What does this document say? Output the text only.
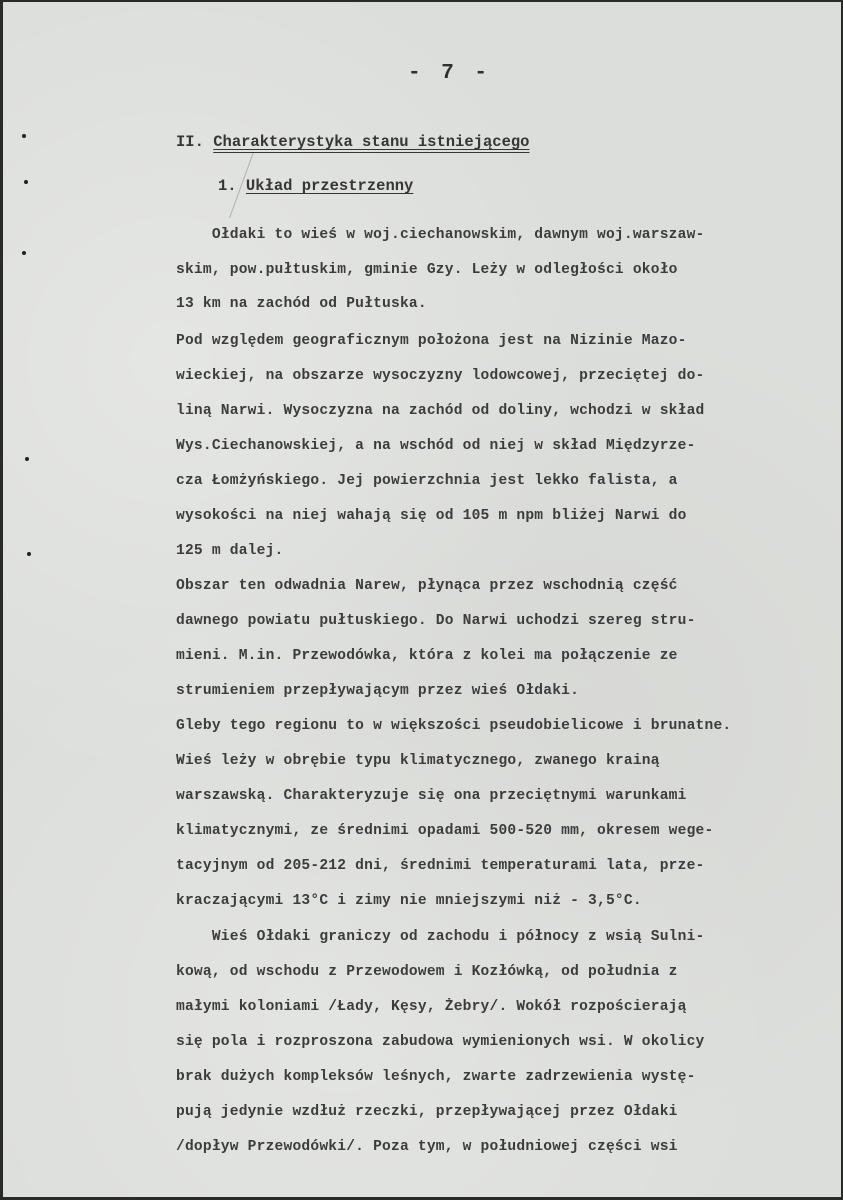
- 7 -
II. Charakterystyka stanu istniejącego
1. Układ przestrzenny
Ołdaki to wieś w woj.ciechanowskim, dawnym woj.warszaw-
skim, pow.pułtuskim, gminie Gzy. Leży w odległości około
13 km na zachód od Pułtuska.
Pod względem geograficznym położona jest na Nizinie Mazo-
wieckiej, na obszarze wysoczyzny lodowcowej, przeciętej do-
liną Narwi. Wysoczyzna na zachód od doliny, wchodzi w skład
Wys.Ciechanowskiej, a na wschód od niej w skład Międzyrze-
cza Łomżyńskiego. Jej powierzchnia jest lekko falista, a
wysokości na niej wahają się od 105 m npm bliżej Narwi do
125 m dalej.
Obszar ten odwadnia Narew, płynąca przez wschodnią część
dawnego powiatu pułtuskiego. Do Narwi uchodzi szereg stru-
mieni. M.in. Przewodówka, która z kolei ma połączenie ze
strumieniem przepływającym przez wieś Ołdaki.
Gleby tego regionu to w większości pseudobielicowe i brunatne.
Wieś leży w obrębie typu klimatycznego, zwanego krainą
warszawską. Charakteryzuje się ona przeciętnymi warunkami
klimatycznymi, ze średnimi opadami 500-520 mm, okresem wege-
tacyjnym od 205-212 dni, średnimi temperaturami lata, prze-
kraczającymi 13°C i zimy nie mniejszymi niż - 3,5°C.
Wieś Ołdaki graniczy od zachodu i północy z wsią Sulni-
kową, od wschodu z Przewodowem i Kozłówką, od południa z
małymi koloniami /Łady, Kęsy, Żebry/. Wokół rozpościerają
się pola i rozproszona zabudowa wymienionych wsi. W okolicy
brak dużych kompleksów leśnych, zwarte zadrzewienia wystę-
pują jedynie wzdłuż rzeczki, przepływającej przez Ołdaki
/dopływ Przewodówki/. Poza tym, w południowej części wsi
